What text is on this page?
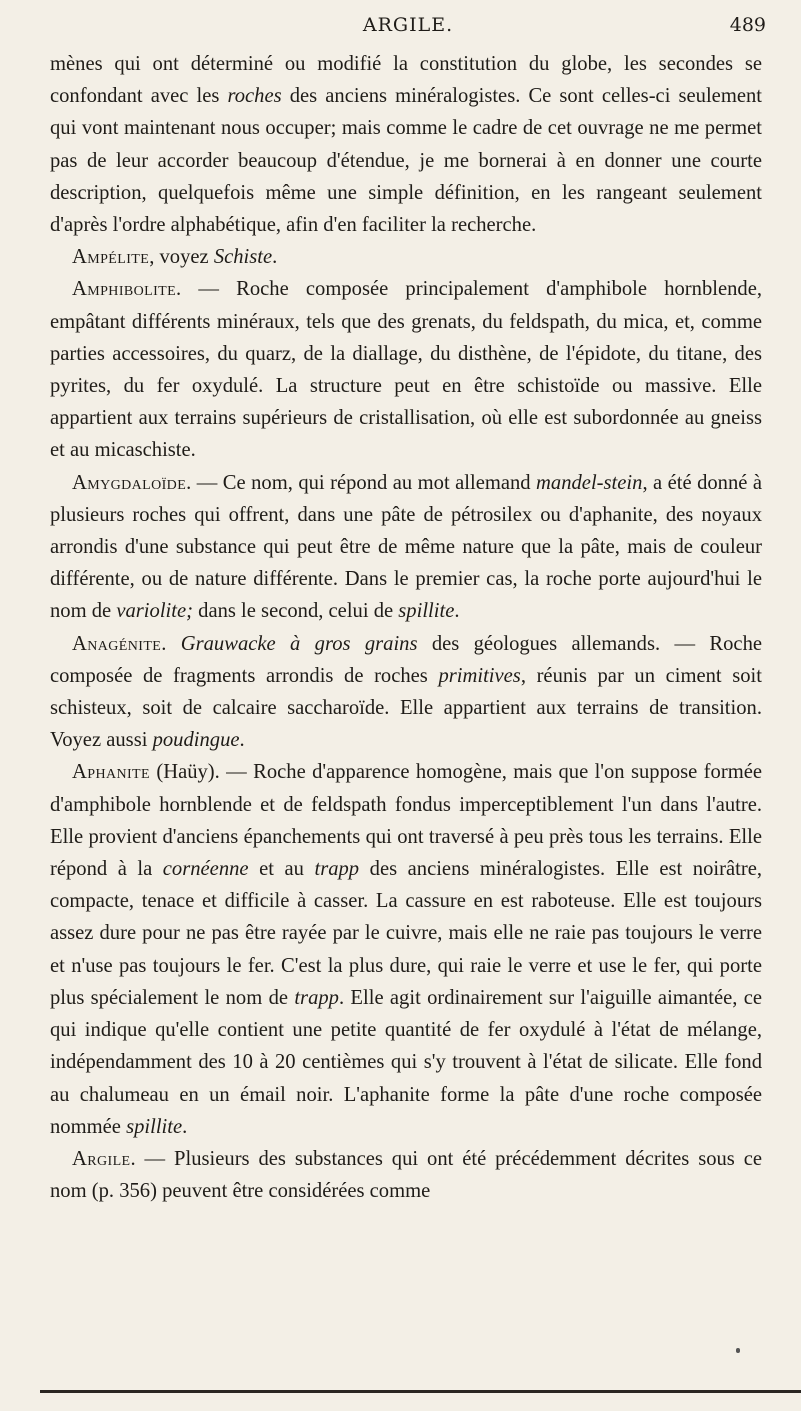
ARGILE.	489

mènes qui ont déterminé ou modifié la constitution du globe, les secondes se confondant avec les roches des anciens minéralogistes. Ce sont celles-ci seulement qui vont maintenant nous occuper; mais comme le cadre de cet ouvrage ne me permet pas de leur accorder beaucoup d'étendue, je me bornerai à en donner une courte description, quelquefois même une simple définition, en les rangeant seulement d'après l'ordre alphabétique, afin d'en faciliter la recherche.

Ampélite, voyez Schiste.

Amphibolite. — Roche composée principalement d'amphibole hornblende, empâtant différents minéraux, tels que des grenats, du feldspath, du mica, et, comme parties accessoires, du quarz, de la diallage, du disthène, de l'épidote, du titane, des pyrites, du fer oxydulé. La structure peut en être schistoïde ou massive. Elle appartient aux terrains supérieurs de cristallisation, où elle est subordonnée au gneiss et au micaschiste.

Amygdaloïde. — Ce nom, qui répond au mot allemand mandel-stein, a été donné à plusieurs roches qui offrent, dans une pâte de pétrosilex ou d'aphanite, des noyaux arrondis d'une substance qui peut être de même nature que la pâte, mais de couleur différente, ou de nature différente. Dans le premier cas, la roche porte aujourd'hui le nom de variolite; dans le second, celui de spillite.

Anagénite. Grauwacke à gros grains des géologues allemands. — Roche composée de fragments arrondis de roches primitives, réunis par un ciment soit schisteux, soit de calcaire saccharoïde. Elle appartient aux terrains de transition. Voyez aussi poudingue.

Aphanite (Haüy). — Roche d'apparence homogène, mais que l'on suppose formée d'amphibole hornblende et de feldspath fondus imperceptiblement l'un dans l'autre. Elle provient d'anciens épanchements qui ont traversé à peu près tous les terrains. Elle répond à la cornéenne et au trapp des anciens minéralogistes. Elle est noirâtre, compacte, tenace et difficile à casser. La cassure en est raboteuse. Elle est toujours assez dure pour ne pas être rayée par le cuivre, mais elle ne raie pas toujours le verre et n'use pas toujours le fer. C'est la plus dure, qui raie le verre et use le fer, qui porte plus spécialement le nom de trapp. Elle agit ordinairement sur l'aiguille aimantée, ce qui indique qu'elle contient une petite quantité de fer oxydulé à l'état de mélange, indépendamment des 10 à 20 centièmes qui s'y trouvent à l'état de silicate. Elle fond au chalumeau en un émail noir. L'aphanite forme la pâte d'une roche composée nommée spillite.

Argile. — Plusieurs des substances qui ont été précédemment décrites sous ce nom (p. 356) peuvent être considérées comme
